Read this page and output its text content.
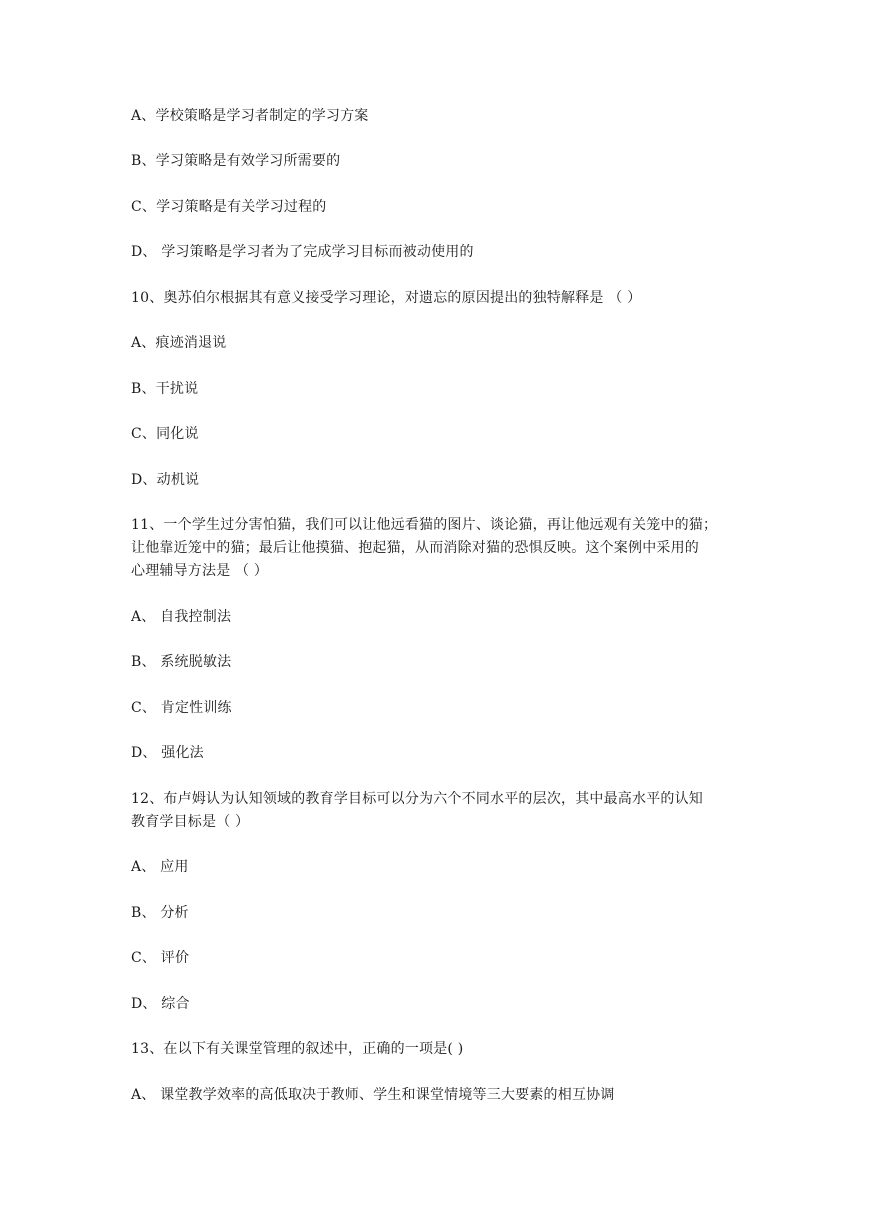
A、学校策略是学习者制定的学习方案
B、学习策略是有效学习所需要的
C、学习策略是有关学习过程的
D、 学习策略是学习者为了完成学习目标而被动使用的
10、奥苏伯尔根据其有意义接受学习理论，对遗忘的原因提出的独特解释是 （ ）
A、痕迹消退说
B、干扰说
C、同化说
D、动机说
11、一个学生过分害怕猫，我们可以让他远看猫的图片、谈论猫，再让他远观有关笼中的猫；
让他靠近笼中的猫；最后让他摸猫、抱起猫，从而消除对猫的恐惧反映。这个案例中采用的
心理辅导方法是 （ ）
A、 自我控制法
B、 系统脱敏法
C、 肯定性训练
D、 强化法
12、布卢姆认为认知领域的教育学目标可以分为六个不同水平的层次，其中最高水平的认知
教育学目标是（ ）
A、 应用
B、 分析
C、 评价
D、 综合
13、在以下有关课堂管理的叙述中，正确的一项是( )
A、 课堂教学效率的高低取决于教师、学生和课堂情境等三大要素的相互协调
